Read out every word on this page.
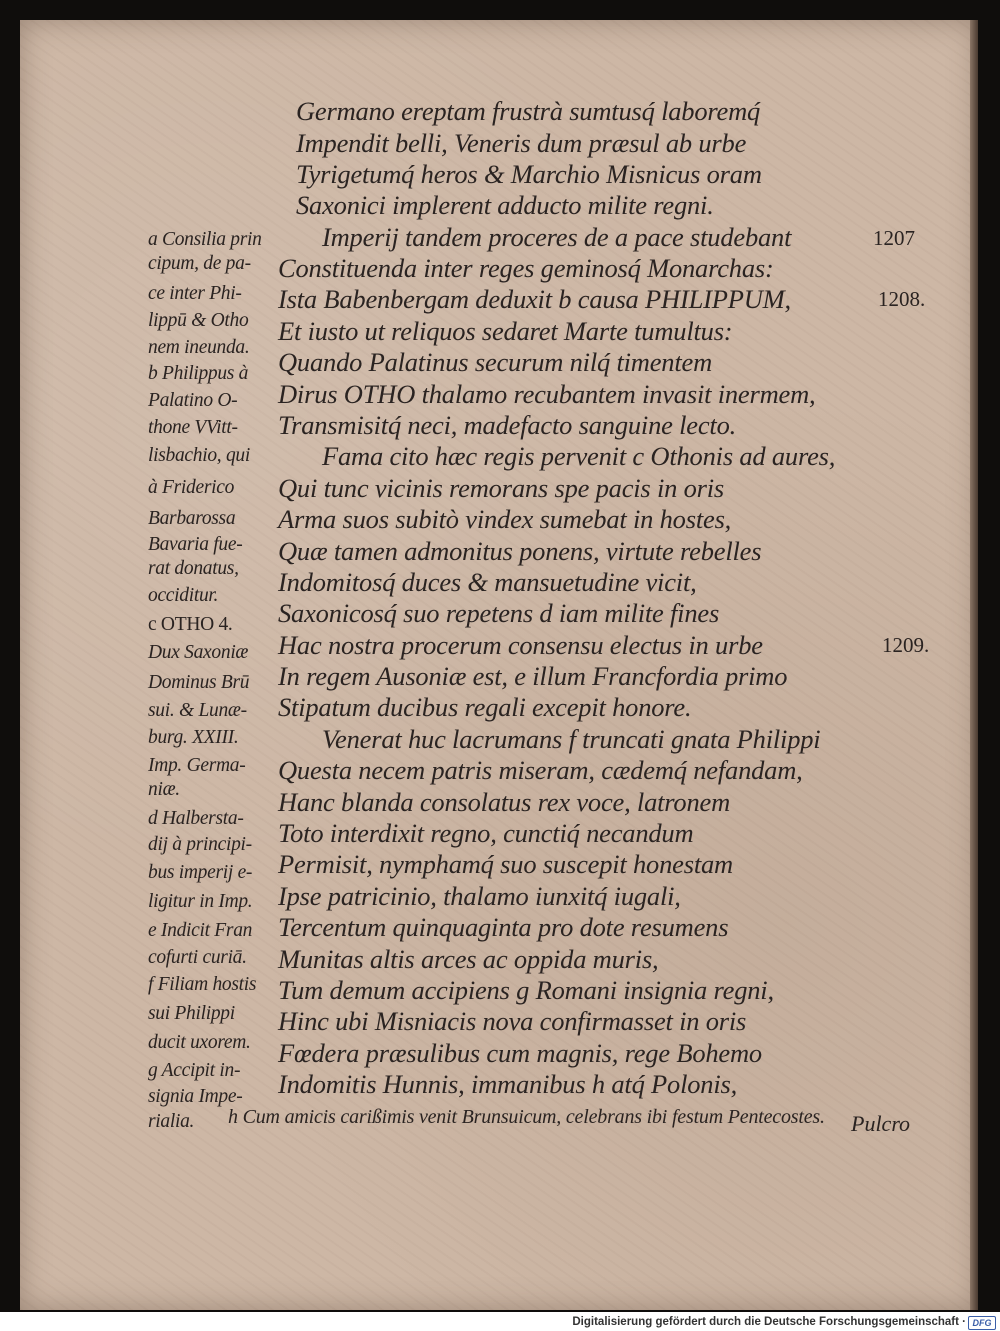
Germano ereptam frustrà sumtusq́ laboremq́
Impendit belli, Veneris dum præsul ab urbe
Tyrigetumq́ heros & Marchio Misnicus oram
Saxonici implerent adducto milite regni.
Imperij tandem proceres de a pace studebant
Constituenda inter reges geminosq́ Monarchas:
Ista Babenbergam deduxit b causa PHILIPPUM,
Et iusto ut reliquos sedaret Marte tumultus:
Quando Palatinus securum nilq́ timentem
Dirus OTHO thalamo recubantem invasit inermem,
Transmisitq́ neci, madefacto sanguine lecto.
Fama cito hæc regis pervenit c Othonis ad aures,
Qui tunc vicinis remorans spe pacis in oris
Arma suos subitò vindex sumebat in hostes,
Quæ tamen admonitus ponens, virtute rebelles
Indomitosq́ duces & mansuetudine vicit,
Saxonicosq́ suo repetens d iam milite fines
Hac nostra procerum consensu electus in urbe
In regem Ausoniæ est, e illum Francfordia primo
Stipatum ducibus regali excepit honore.
Venerat huc lacrumans f truncati gnata Philippi
Questa necem patris miseram, cædemq́ nefandam,
Hanc blanda consolatus rex voce, latronem
Toto interdixit regno, cunctiq́ necandum
Permisit, nymphamq́ suo suscepit honestam
Ipse patricinio, thalamo iunxitq́ iugali,
Tercentum quinquaginta pro dote resumens
Munitas altis arces ac oppida muris,
Tum demum accipiens g Romani insignia regni,
Hinc ubi Misniacis nova confirmasset in oris
Fœdera præsulibus cum magnis, rege Bohemo
Indomitis Hunnis, immanibus h atq́ Polonis,
h Cum amicis carißimis venit Brunsuicum, celebrans ibi festum Pentecostes.
a Consilia prin
cipum, de pa-
ce inter Phi-
lippū & Otho
nem ineunda.
b Philippus à
Palatino O-
thone VVitt-
lisbachio, qui
à Friderico
Barbarossa
Bavaria fue-
rat donatus,
occiditur.
c OTHO 4.
Dux Saxoniæ
Dominus Brū
sui. & Lunæ-
burg. XXIII.
Imp. Germa-
niæ.
d Halbersta-
dij à principi-
bus imperij e-
ligitur in Imp.
e Indicit Fran
cofurti curiā.
f Filiam hostis
sui Philippi
ducit uxorem.
g Accipit in-
signia Impe-
rialia.
1207
1208.
1209.
Pulcro
Digitalisierung gefördert durch die Deutsche Forschungsgemeinschaft · DFG
